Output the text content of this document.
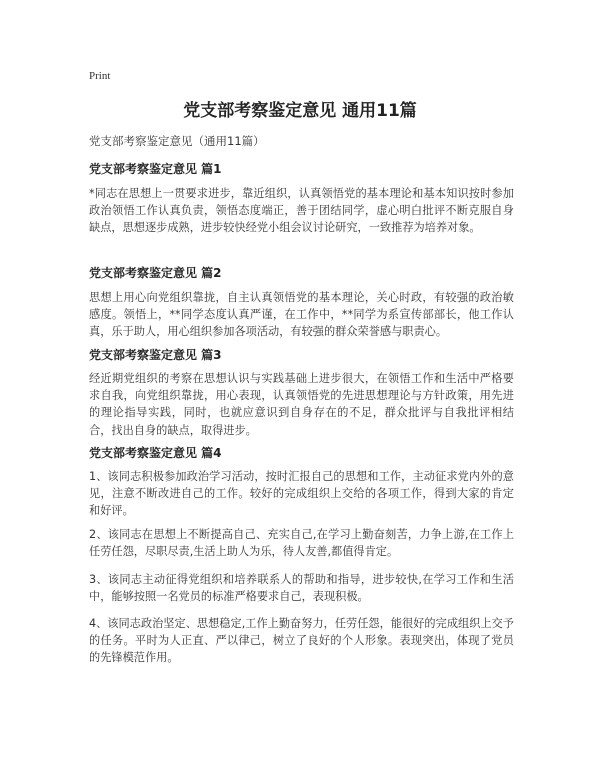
Print
党支部考察鉴定意见 通用11篇
党支部考察鉴定意见（通用11篇）
党支部考察鉴定意见 篇1

*同志在思想上一贯要求进步，靠近组织，认真领悟党的基本理论和基本知识按时参加政治领悟工作认真负责，领悟态度端正，善于团结同学，虚心明白批评不断克服自身缺点，思想逐步成熟，进步较快经党小组会议讨论研究，一致推荐为培养对象。

党支部考察鉴定意见 篇2

思想上用心向党组织靠拢，自主认真领悟党的基本理论，关心时政，有较强的政治敏感度。领悟上，**同学态度认真严谨，在工作中，**同学为系宣传部部长，他工作认真，乐于助人，用心组织参加各项活动，有较强的群众荣誉感与职责心。

党支部考察鉴定意见 篇3

经近期党组织的考察在思想认识与实践基础上进步很大，在领悟工作和生活中严格要求自我，向党组织靠拢，用心表现，认真领悟党的先进思想理论与方针政策，用先进的理论指导实践，同时，也就应意识到自身存在的不足，群众批评与自我批评相结合，找出自身的缺点，取得进步。

党支部考察鉴定意见 篇4

1、该同志积极参加政治学习活动，按时汇报自己的思想和工作，主动征求党内外的意见，注意不断改进自己的工作。较好的完成组织上交给的各项工作，得到大家的肯定和好评。

2、该同志在思想上不断提高自己、充实自己,在学习上勤奋刻苦，力争上游,在工作上任劳任怨，尽职尽责,生活上助人为乐，待人友善,都值得肯定。

3、该同志主动征得党组织和培养联系人的帮助和指导，进步较快,在学习工作和生活中，能够按照一名党员的标准严格要求自己，表现积极。

4、该同志政治坚定、思想稳定,工作上勤奋努力，任劳任怨，能很好的完成组织上交予的任务。平时为人正直、严以律己，树立了良好的个人形象。表现突出，体现了党员的先锋模范作用。
